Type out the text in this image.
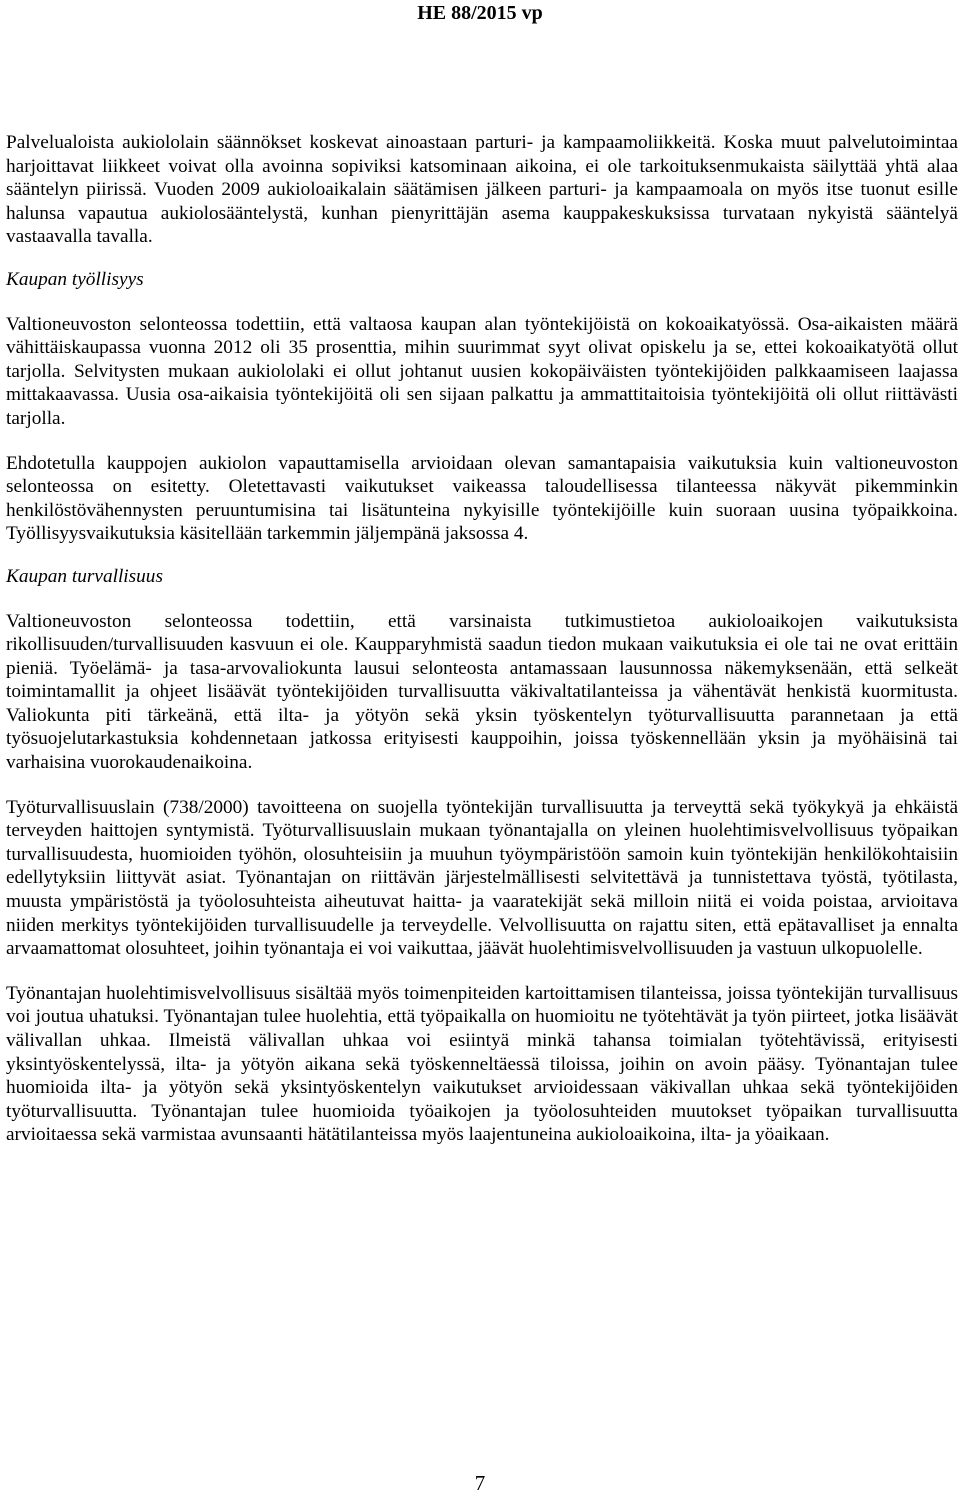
HE 88/2015 vp

Palvelualoista aukiololain säännökset koskevat ainoastaan parturi- ja kampaamoliikkeitä. Koska muut palvelutoimintaa harjoittavat liikkeet voivat olla avoinna sopiviksi katsominaan aikoina, ei ole tarkoituksenmukaista säilyttää yhtä alaa sääntelyn piirissä. Vuoden 2009 aukioloaikalain säätämisen jälkeen parturi- ja kampaamoala on myös itse tuonut esille halunsa vapautua aukiolosääntelystä, kunhan pienyrittäjän asema kauppakeskuksissa turvataan nykyistä sääntelyä vastaavalla tavalla.

Kaupan työllisyys

Valtioneuvoston selonteossa todettiin, että valtaosa kaupan alan työntekijöistä on kokoaikatyössä. Osa-aikaisten määrä vähittäiskaupassa vuonna 2012 oli 35 prosenttia, mihin suurimmat syyt olivat opiskelu ja se, ettei kokoaikatyötä ollut tarjolla. Selvitysten mukaan aukiololaki ei ollut johtanut uusien kokopäiväisten työntekijöiden palkkaamiseen laajassa mittakaavassa. Uusia osa-aikaisia työntekijöitä oli sen sijaan palkattu ja ammattitaitoisia työntekijöitä oli ollut riittävästi tarjolla.

Ehdotetulla kauppojen aukiolon vapauttamisella arvioidaan olevan samantapaisia vaikutuksia kuin valtioneuvoston selonteossa on esitetty. Oletettavasti vaikutukset vaikeassa taloudellisessa tilanteessa näkyvät pikemminkin henkilöstövähennysten peruuntumisina tai lisätunteina nykyisille työntekijöille kuin suoraan uusina työpaikkoina. Työllisyysvaikutuksia käsitellään tarkemmin jäljempänä jaksossa 4.

Kaupan turvallisuus

Valtioneuvoston selonteossa todettiin, että varsinaista tutkimustietoa aukioloaikojen vaikutuksista rikollisuuden/turvallisuuden kasvuun ei ole. Kaupparyhmistä saadun tiedon mukaan vaikutuksia ei ole tai ne ovat erittäin pieniä. Työelämä- ja tasa-arvovaliokunta lausui selonteosta antamassaan lausunnossa näkemyksenään, että selkeät toimintamallit ja ohjeet lisäävät työntekijöiden turvallisuutta väkivaltatilanteissa ja vähentävät henkistä kuormitusta. Valiokunta piti tärkeänä, että ilta- ja yötyön sekä yksin työskentelyn työturvallisuutta parannetaan ja että työsuojelutarkastuksia kohdennetaan jatkossa erityisesti kauppoihin, joissa työskennellään yksin ja myöhäisinä tai varhaisina vuorokaudenaikoina.

Työturvallisuuslain (738/2000) tavoitteena on suojella työntekijän turvallisuutta ja terveyttä sekä työkykyä ja ehkäistä terveyden haittojen syntymistä. Työturvallisuuslain mukaan työnantajalla on yleinen huolehtimisvelvollisuus työpaikan turvallisuudesta, huomioiden työhön, olosuhteisiin ja muuhun työympäristöön samoin kuin työntekijän henkilökohtaisiin edellytyksiin liittyvät asiat. Työnantajan on riittävän järjestelmällisesti selvitettävä ja tunnistettava työstä, työtilasta, muusta ympäristöstä ja työolosuhteista aiheutuvat haitta- ja vaaratekijät sekä milloin niitä ei voida poistaa, arvioitava niiden merkitys työntekijöiden turvallisuudelle ja terveydelle. Velvollisuutta on rajattu siten, että epätavalliset ja ennalta arvaamattomat olosuhteet, joihin työnantaja ei voi vaikuttaa, jäävät huolehtimisvelvollisuuden ja vastuun ulkopuolelle.

Työnantajan huolehtimisvelvollisuus sisältää myös toimenpiteiden kartoittamisen tilanteissa, joissa työntekijän turvallisuus voi joutua uhatuksi. Työnantajan tulee huolehtia, että työpaikalla on huomioitu ne työtehtävät ja työn piirteet, jotka lisäävät välivallan uhkaa. Ilmeistä välivallan uhkaa voi esiintyä minkä tahansa toimialan työtehtävissä, erityisesti yksintyöskentelyssä, ilta- ja yötyön aikana sekä työskenneltäessä tiloissa, joihin on avoin pääsy. Työnantajan tulee huomioida ilta- ja yötyön sekä yksintyöskentelyn vaikutukset arvioidessaan väkivallan uhkaa sekä työntekijöiden työturvallisuutta. Työnantajan tulee huomioida työaikojen ja työolosuhteiden muutokset työpaikan turvallisuutta arvioitaessa sekä varmistaa avunsaanti hätätilanteissa myös laajentuneina aukioloaikoina, ilta- ja yöaikaan.

7
